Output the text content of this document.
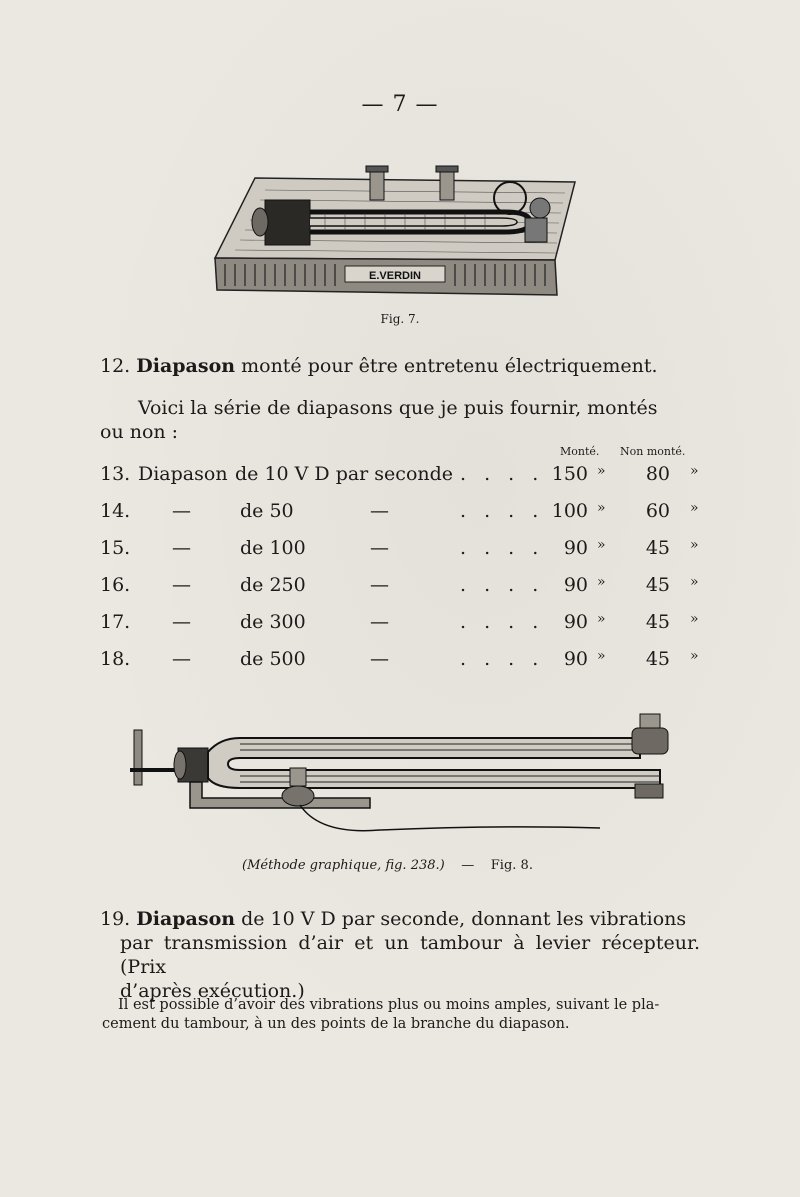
— 7 —
E.VERDIN
Fig. 7.
12. Diapason monté pour être entretenu électriquement.
Voici la série de diapasons que je puis fournir, montés
ou non :
Monté. Non monté.
13. Diapason de 10 V D par seconde . . . . 150 »	80 »
14. —	de 50	—	. . . . 100 »	60 »
15. —	de 100	—	. . . .	90 »	45 »
16. —	de 250	—	. . . .	90 »	45 »
17. —	de 300	—	. . . .	90 »	45 »
18. —	de 500	—	. . . .	90 »	45 »
(Méthode graphique, fig. 238.) — Fig. 8.
19. Diapason de 10 V D par seconde, donnant les vibrations
par transmission d’air et un tambour à levier récepteur. (Prix
d’après exécution.)
Il est possible d’avoir des vibrations plus ou moins amples, suivant le pla-
cement du tambour, à un des points de la branche du diapason.
